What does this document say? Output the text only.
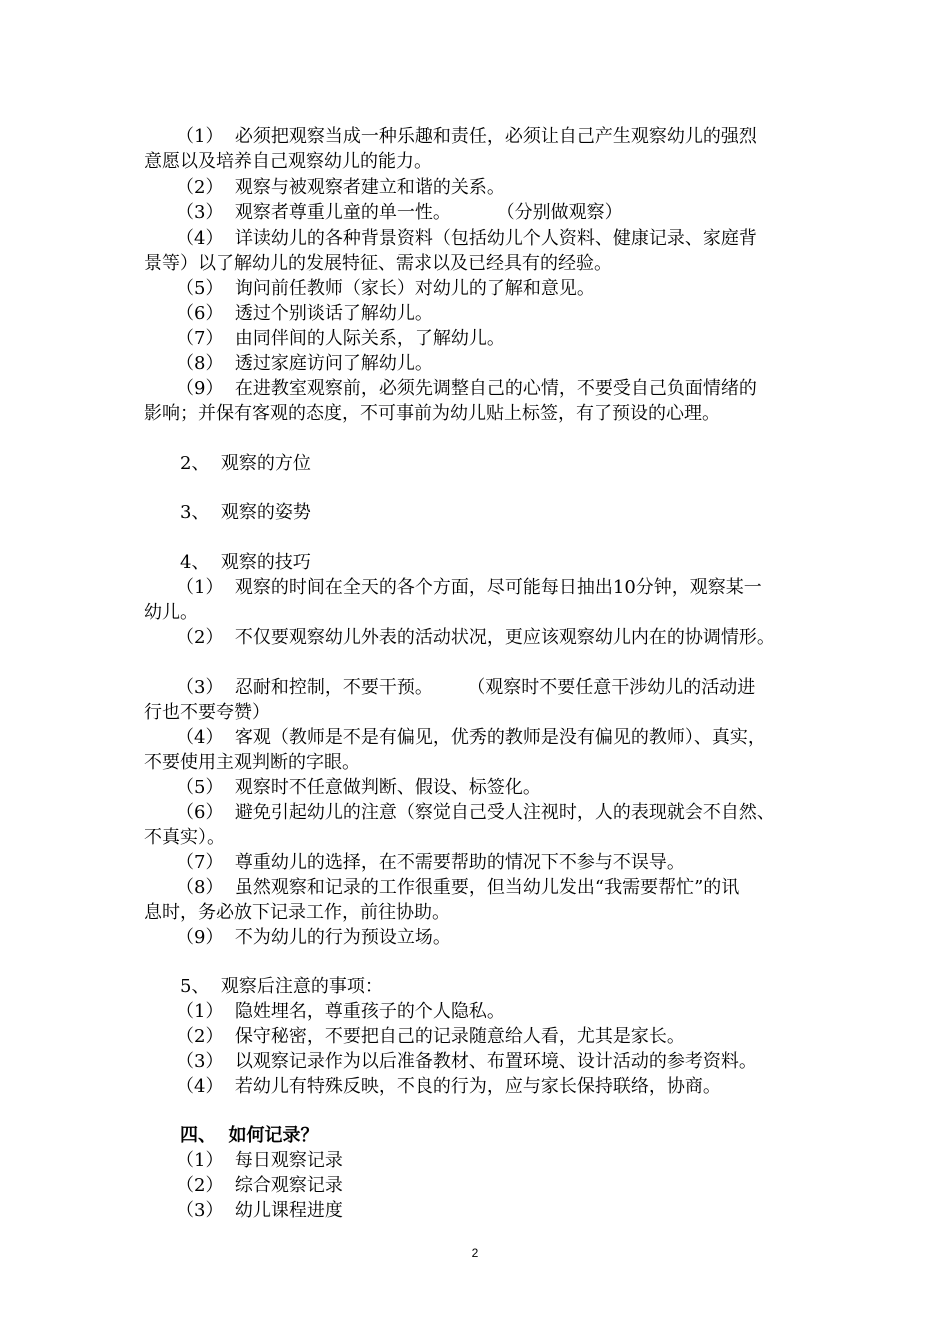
（1）  必须把观察当成一种乐趣和责任，必须让自己产生观察幼儿的强烈
意愿以及培养自己观察幼儿的能力。
（2）  观察与被观察者建立和谐的关系。
（3）  观察者尊重儿童的单一性。        （分别做观察）
（4）  详读幼儿的各种背景资料（包括幼儿个人资料、健康记录、家庭背
景等）以了解幼儿的发展特征、需求以及已经具有的经验。
（5）  询问前任教师（家长）对幼儿的了解和意见。
（6）  透过个别谈话了解幼儿。
（7）  由同伴间的人际关系，了解幼儿。
（8）  透过家庭访问了解幼儿。
（9）  在进教室观察前，必须先调整自己的心情，不要受自己负面情绪的
影响；并保有客观的态度，不可事前为幼儿贴上标签，有了预设的心理。
2、  观察的方位
3、  观察的姿势
4、  观察的技巧
（1）  观察的时间在全天的各个方面，尽可能每日抽出10分钟，观察某一
幼儿。
（2）  不仅要观察幼儿外表的活动状况，更应该观察幼儿内在的协调情形。
（3）  忍耐和控制，不要干预。      （观察时不要任意干涉幼儿的活动进
行也不要夸赞）
（4）  客观（教师是不是有偏见，优秀的教师是没有偏见的教师）、真实，
不要使用主观判断的字眼。
（5）  观察时不任意做判断、假设、标签化。
（6）  避免引起幼儿的注意（察觉自己受人注视时，人的表现就会不自然、
不真实）。
（7）  尊重幼儿的选择，在不需要帮助的情况下不参与不误导。
（8）  虽然观察和记录的工作很重要，但当幼儿发出“我需要帮忙”的讯
息时，务必放下记录工作，前往协助。
（9）  不为幼儿的行为预设立场。
5、  观察后注意的事项：
（1）  隐姓埋名，尊重孩子的个人隐私。
（2）  保守秘密，不要把自己的记录随意给人看，尤其是家长。
（3）  以观察记录作为以后准备教材、布置环境、设计活动的参考资料。
（4）  若幼儿有特殊反映，不良的行为，应与家长保持联络，协商。
四、  如何记录？
（1）  每日观察记录
（2）  综合观察记录
（3）  幼儿课程进度
2
